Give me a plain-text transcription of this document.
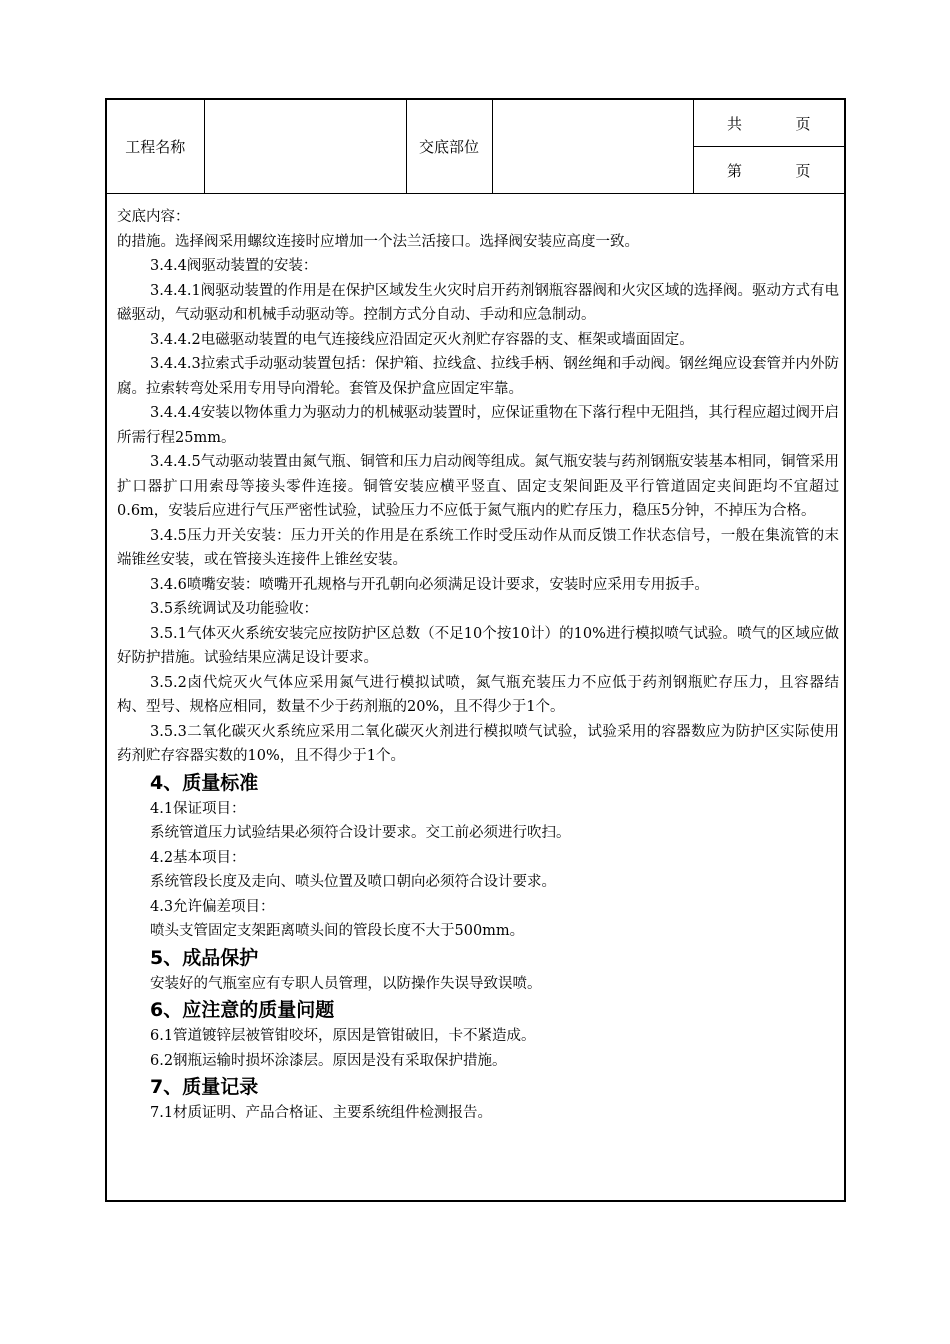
工程名称		交底部位		共	页
第	页

交底内容：

的措施。选择阀采用螺纹连接时应增加一个法兰活接口。选择阀安装应高度一致。

3.4.4阀驱动装置的安装：

3.4.4.1阀驱动装置的作用是在保护区域发生火灾时启开药剂钢瓶容器阀和火灾区域的选择阀。驱动方式有电磁驱动，气动驱动和机械手动驱动等。控制方式分自动、手动和应急制动。

3.4.4.2电磁驱动装置的电气连接线应沿固定灭火剂贮存容器的支、框架或墙面固定。

3.4.4.3拉索式手动驱动装置包括：保护箱、拉线盒、拉线手柄、钢丝绳和手动阀。钢丝绳应设套管并内外防腐。拉索转弯处采用专用导向滑轮。套管及保护盒应固定牢靠。

3.4.4.4安装以物体重力为驱动力的机械驱动装置时，应保证重物在下落行程中无阻挡，其行程应超过阀开启所需行程25mm。

3.4.4.5气动驱动装置由氮气瓶、铜管和压力启动阀等组成。氮气瓶安装与药剂钢瓶安装基本相同，铜管采用扩口器扩口用索母等接头零件连接。铜管安装应横平竖直、固定支架间距及平行管道固定夹间距均不宜超过0.6m，安装后应进行气压严密性试验，试验压力不应低于氮气瓶内的贮存压力，稳压5分钟，不掉压为合格。

3.4.5压力开关安装：压力开关的作用是在系统工作时受压动作从而反馈工作状态信号，一般在集流管的末端锥丝安装，或在管接头连接件上锥丝安装。

3.4.6喷嘴安装：喷嘴开孔规格与开孔朝向必须满足设计要求，安装时应采用专用扳手。

3.5系统调试及功能验收：

3.5.1气体灭火系统安装完应按防护区总数（不足10个按10计）的10%进行模拟喷气试验。喷气的区域应做好防护措施。试验结果应满足设计要求。

3.5.2卤代烷灭火气体应采用氮气进行模拟试喷，氮气瓶充装压力不应低于药剂钢瓶贮存压力，且容器结构、型号、规格应相同，数量不少于药剂瓶的20%，且不得少于1个。

3.5.3二氧化碳灭火系统应采用二氧化碳灭火剂进行模拟喷气试验，试验采用的容器数应为防护区实际使用药剂贮存容器实数的10%，且不得少于1个。

4、质量标准

4.1保证项目：

系统管道压力试验结果必须符合设计要求。交工前必须进行吹扫。

4.2基本项目：

系统管段长度及走向、喷头位置及喷口朝向必须符合设计要求。

4.3允许偏差项目：

喷头支管固定支架距离喷头间的管段长度不大于500mm。

5、成品保护

安装好的气瓶室应有专职人员管理，以防操作失误导致误喷。

6、应注意的质量问题

6.1管道镀锌层被管钳咬坏，原因是管钳破旧，卡不紧造成。

6.2钢瓶运输时损坏涂漆层。原因是没有采取保护措施。

7、质量记录

7.1材质证明、产品合格证、主要系统组件检测报告。
